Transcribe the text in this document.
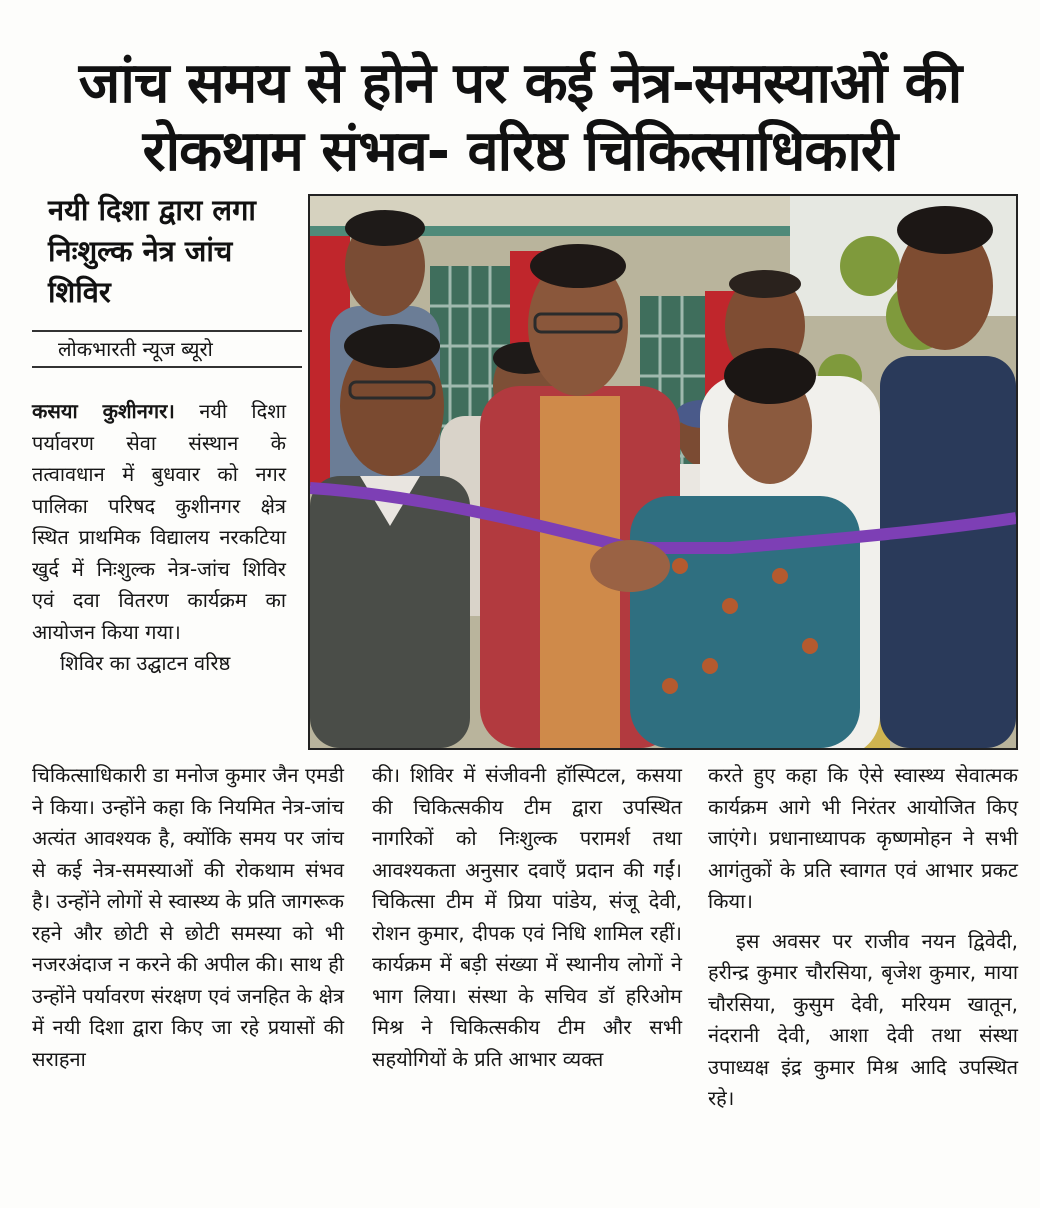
जांच समय से होने पर कई नेत्र-समस्याओं की रोकथाम संभव- वरिष्ठ चिकित्साधिकारी
नयी दिशा द्वारा लगा निःशुल्क नेत्र जांच शिविर
लोकभारती न्यूज ब्यूरो

कसया कुशीनगर। नयी दिशा पर्यावरण सेवा संस्थान के तत्वावधान में बुधवार को नगर पालिका परिषद कुशीनगर क्षेत्र स्थित प्राथमिक विद्यालय नरकटिया खुर्द में निःशुल्क नेत्र-जांच शिविर एवं दवा वितरण कार्यक्रम का आयोजन किया गया।

शिविर का उद्घाटन वरिष्ठ

चिकित्साधिकारी डा मनोज कुमार जैन एमडी ने किया। उन्होंने कहा कि नियमित नेत्र-जांच अत्यंत आवश्यक है, क्योंकि समय पर जांच से कई नेत्र-समस्याओं की रोकथाम संभव है। उन्होंने लोगों से स्वास्थ्य के प्रति जागरूक रहने और छोटी से छोटी समस्या को भी नजरअंदाज न करने की अपील की। साथ ही उन्होंने पर्यावरण संरक्षण एवं जनहित के क्षेत्र में नयी दिशा द्वारा किए जा रहे प्रयासों की सराहना

की। शिविर में संजीवनी हॉस्पिटल, कसया की चिकित्सकीय टीम द्वारा उपस्थित नागरिकों को निःशुल्क परामर्श तथा आवश्यकता अनुसार दवाएँ प्रदान की गईं। चिकित्सा टीम में प्रिया पांडेय, संजू देवी, रोशन कुमार, दीपक एवं निधि शामिल रहीं। कार्यक्रम में बड़ी संख्या में स्थानीय लोगों ने भाग लिया। संस्था के सचिव डॉ हरिओम मिश्र ने चिकित्सकीय टीम और सभी सहयोगियों के प्रति आभार व्यक्त

करते हुए कहा कि ऐसे स्वास्थ्य सेवात्मक कार्यक्रम आगे भी निरंतर आयोजित किए जाएंगे। प्रधानाध्यापक कृष्णमोहन ने सभी आगंतुकों के प्रति स्वागत एवं आभार प्रकट किया।

इस अवसर पर राजीव नयन द्विवेदी, हरीन्द्र कुमार चौरसिया, बृजेश कुमार, माया चौरसिया, कुसुम देवी, मरियम खातून, नंदरानी देवी, आशा देवी तथा संस्था उपाध्यक्ष इंद्र कुमार मिश्र आदि उपस्थित रहे।
